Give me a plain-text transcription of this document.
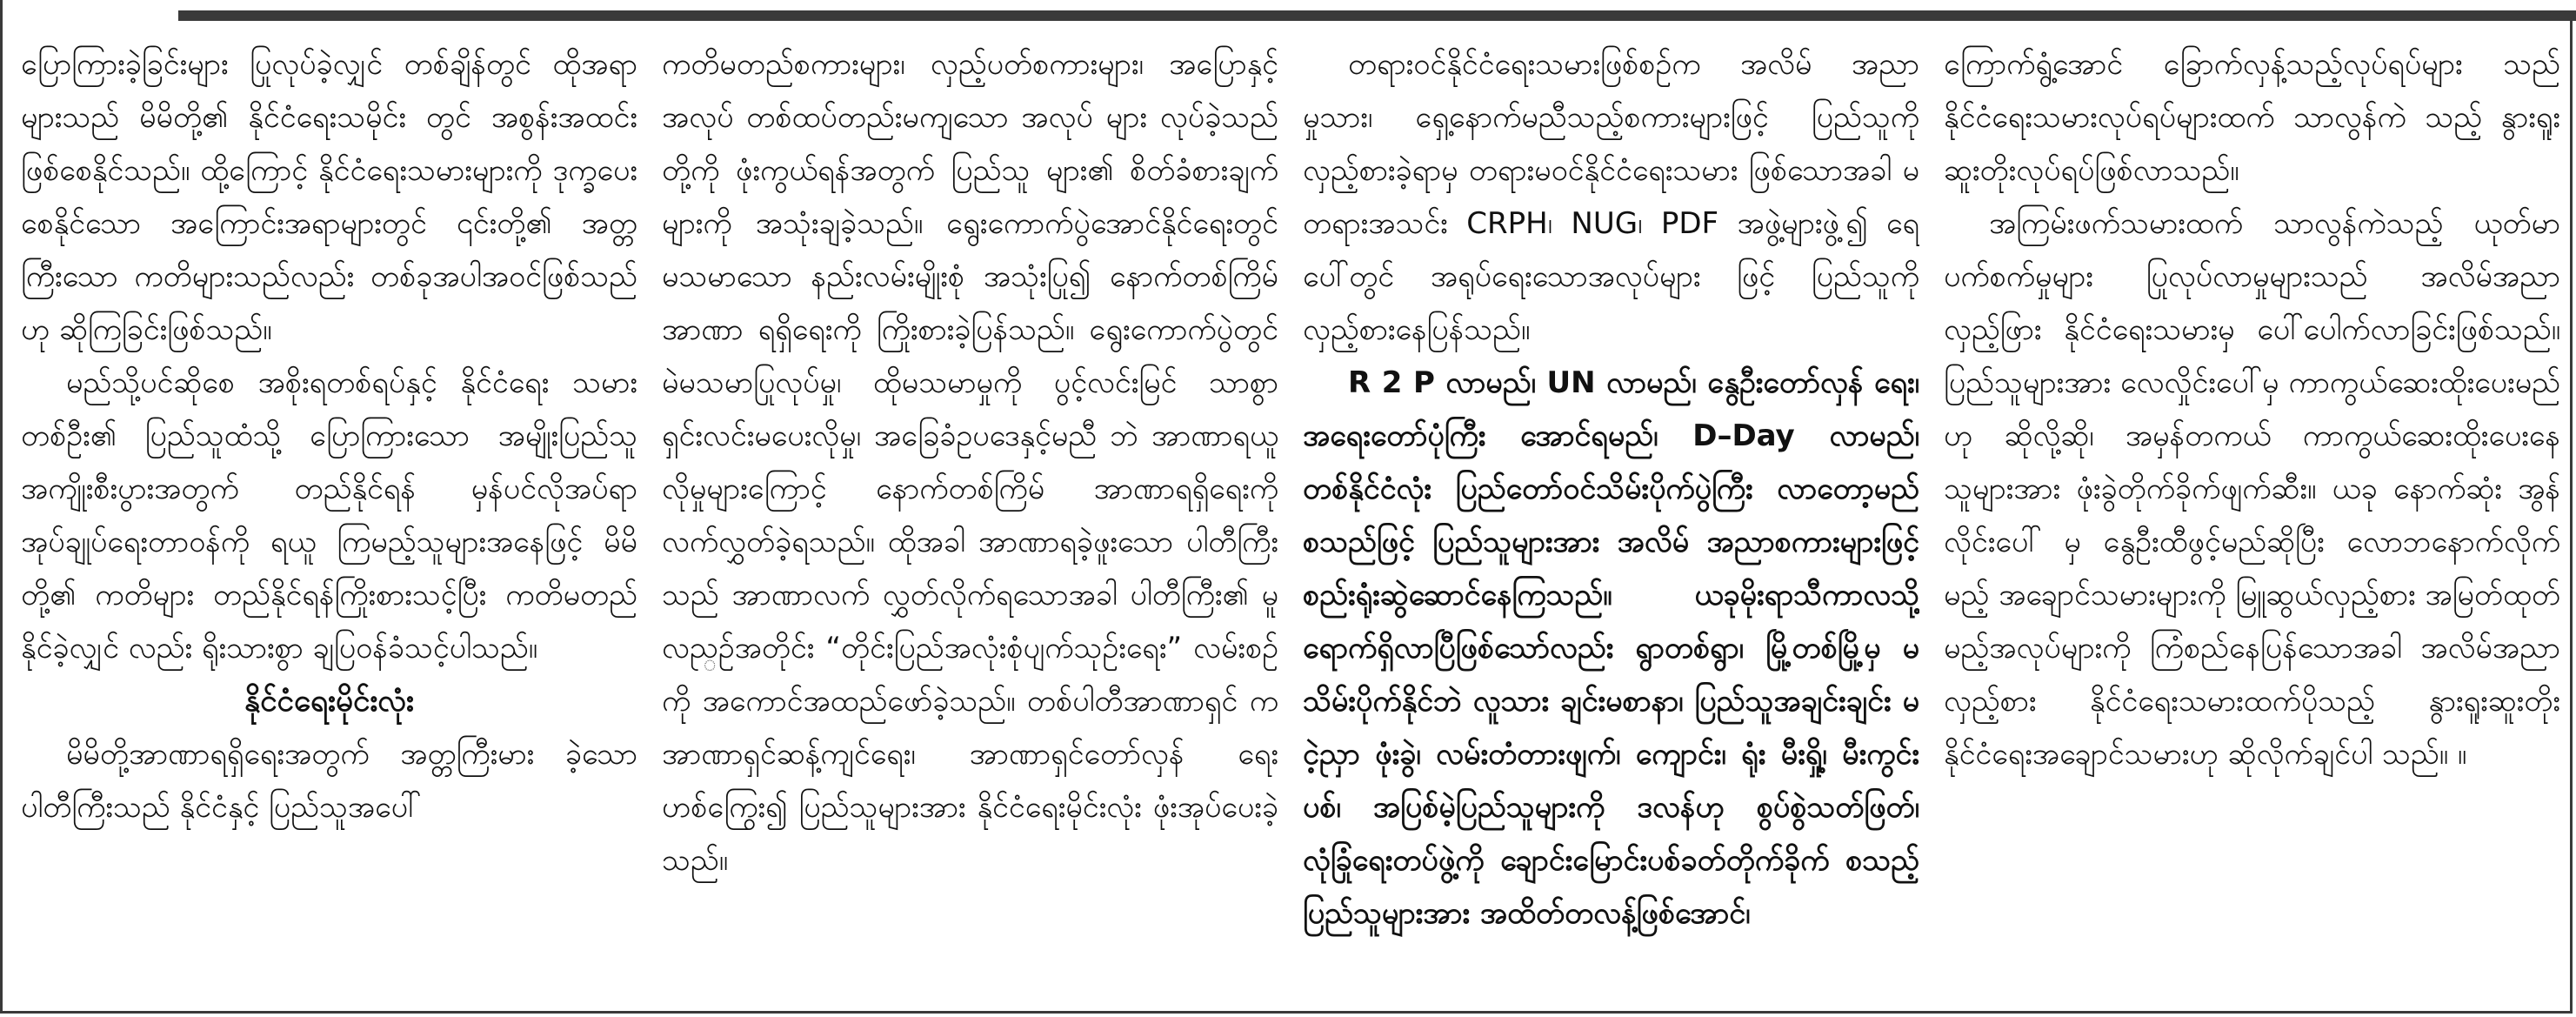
ပြောကြားခဲ့ခြင်းများ ပြုလုပ်ခဲ့လျှင် တစ်ချိန်တွင် ထိုအရာများသည် မိမိတို့၏ နိုင်ငံရေးသမိုင်း တွင် အစွန်းအထင်း ဖြစ်စေနိုင်သည်။ ထို့ကြောင့် နိုင်ငံရေးသမားများကို ဒုက္ခပေးစေနိုင်သော အကြောင်းအရာများတွင် ၎င်းတို့၏ အတ္တကြီးသော ကတိများသည်လည်း တစ်ခုအပါအဝင်ဖြစ်သည်ဟု ဆိုကြခြင်းဖြစ်သည်။

မည်သို့ပင်ဆိုစေ အစိုးရတစ်ရပ်နှင့် နိုင်ငံရေး သမားတစ်ဦး၏ ပြည်သူထံသို့ ပြောကြားသော အမျိုးပြည်သူ အကျိုးစီးပွားအတွက် တည်နိုင်ရန် မှန်ပင်လိုအပ်ရာ အုပ်ချုပ်ရေးတာဝန်ကို ရယူ ကြမည့်သူများအနေဖြင့် မိမိတို့၏ ကတိများ တည်နိုင်ရန်ကြိုးစားသင့်ပြီး ကတိမတည်နိုင်ခဲ့လျှင် လည်း ရိုးသားစွာ ချပြဝန်ခံသင့်ပါသည်။

နိုင်ငံရေးမိုင်းလုံး

မိမိတို့အာဏာရရှိရေးအတွက် အတ္တကြီးမား ခဲ့သော ပါတီကြီးသည် နိုင်ငံနှင့် ပြည်သူအပေါ်

ကတိမတည်စကားများ၊ လှည့်ပတ်စကားများ၊ အပြောနှင့်အလုပ် တစ်ထပ်တည်းမကျသော အလုပ် များ လုပ်ခဲ့သည်တို့ကို ဖုံးကွယ်ရန်အတွက် ပြည်သူ များ၏ စိတ်ခံစားချက်များကို အသုံးချခဲ့သည်။ ရွေးကောက်ပွဲအောင်နိုင်ရေးတွင် မသမာသော နည်းလမ်းမျိုးစုံ အသုံးပြု၍ နောက်တစ်ကြိမ် အာဏာ ရရှိရေးကို ကြိုးစားခဲ့ပြန်သည်။ ရွေးကောက်ပွဲတွင် မဲမသမာပြုလုပ်မှု၊ ထိုမသမာမှုကို ပွင့်လင်းမြင် သာစွာ ရှင်းလင်းမပေးလိုမှု၊ အခြေခံဥပဒေနှင့်မညီ ဘဲ အာဏာရယူလိုမှုများကြောင့် နောက်တစ်ကြိမ် အာဏာရရှိရေးကို လက်လွှတ်ခဲ့ရသည်။ ထိုအခါ အာဏာရခဲ့ဖူးသော ပါတီကြီးသည် အာဏာလက် လွှတ်လိုက်ရသောအခါ ပါတီကြီး၏ မူလည္ဉ်အတိုင်း “တိုင်းပြည်အလုံးစုံပျက်သုဉ်းရေး” လမ်းစဉ်ကို အကောင်အထည်ဖော်ခဲ့သည်။ တစ်ပါတီအာဏာရှင် က အာဏာရှင်ဆန့်ကျင်ရေး၊ အာဏာရှင်တော်လှန် ရေး ဟစ်ကြွေး၍ ပြည်သူများအား နိုင်ငံရေးမိုင်းလုံး ဖုံးအုပ်ပေးခဲ့သည်။

တရားဝင်နိုင်ငံရေးသမားဖြစ်စဉ်က အလိမ် အညာမှုသား၊ ရှေ့နောက်မညီသည့်စကားများဖြင့် ပြည်သူကို လှည့်စားခဲ့ရာမှ တရားမဝင်နိုင်ငံရေးသမား ဖြစ်သောအခါ မတရားအသင်း CRPH၊ NUG၊ PDF အဖွဲ့များဖွဲ့၍ ရေပေါ်တွင် အရုပ်ရေးသောအလုပ်များ ဖြင့် ပြည်သူကို လှည့်စားနေပြန်သည်။

R 2 P လာမည်၊ UN လာမည်၊ နွေဦးတော်လှန် ရေး၊ အရေးတော်ပုံကြီး အောင်ရမည်၊ D–Day လာမည်၊ တစ်နိုင်ငံလုံး ပြည်တော်ဝင်သိမ်းပိုက်ပွဲကြီး လာတော့မည် စသည်ဖြင့် ပြည်သူများအား အလိမ် အညာစကားများဖြင့် စည်းရုံးဆွဲဆောင်နေကြသည်။ ယခုမိုးရာသီကာလသို့ရောက်ရှိလာပြီဖြစ်သော်လည်း ရွာတစ်ရွာ၊ မြို့တစ်မြို့မှ မသိမ်းပိုက်နိုင်ဘဲ လူသား ချင်းမစာနာ၊ ပြည်သူအချင်းချင်း မငဲ့ညှာ ဖုံးခွဲ၊ လမ်းတံတားဖျက်၊ ကျောင်း၊ ရုံး မီးရှို့၊ မီးကွင်းပစ်၊ အပြစ်မဲ့ပြည်သူများကို ဒလန်ဟု စွပ်စွဲသတ်ဖြတ်၊ လုံခြုံရေးတပ်ဖွဲ့ကို ချောင်းမြောင်းပစ်ခတ်တိုက်ခိုက် စသည့် ပြည်သူများအား အထိတ်တလန့်ဖြစ်အောင်၊

ကြောက်ရွံ့အောင် ခြောက်လှန့်သည့်လုပ်ရပ်များ သည် နိုင်ငံရေးသမားလုပ်ရပ်များထက် သာလွန်ကဲ သည့် နွားရူးဆူးတိုးလုပ်ရပ်ဖြစ်လာသည်။

အကြမ်းဖက်သမားထက် သာလွန်ကဲသည့် ယုတ်မာပက်စက်မှုများ ပြုလုပ်လာမှုများသည် အလိမ်အညာလှည့်ဖြား နိုင်ငံရေးသမားမှ ပေါ်ပေါက်လာခြင်းဖြစ်သည်။ ပြည်သူများအား လေလှိုင်းပေါ်မှ ကာကွယ်ဆေးထိုးပေးမည်ဟု ဆိုလို့ဆို၊ အမှန်တကယ် ကာကွယ်ဆေးထိုးပေးနေ သူများအား ဖုံးခွဲတိုက်ခိုက်ဖျက်ဆီး။ ယခု နောက်ဆုံး အွန်လိုင်းပေါ် မှ နွေဦးထီဖွင့်မည်ဆိုပြီး လောဘနောက်လိုက်မည့် အချောင်သမားများကို မြူဆွယ်လှည့်စား အမြတ်ထုတ်မည့်အလုပ်များကို ကြံစည်နေပြန်သောအခါ အလိမ်အညာလှည့်စား နိုင်ငံရေးသမားထက်ပိုသည့် နွားရူးဆူးတိုး နိုင်ငံရေးအချောင်သမားဟု ဆိုလိုက်ချင်ပါ သည်။ ။
